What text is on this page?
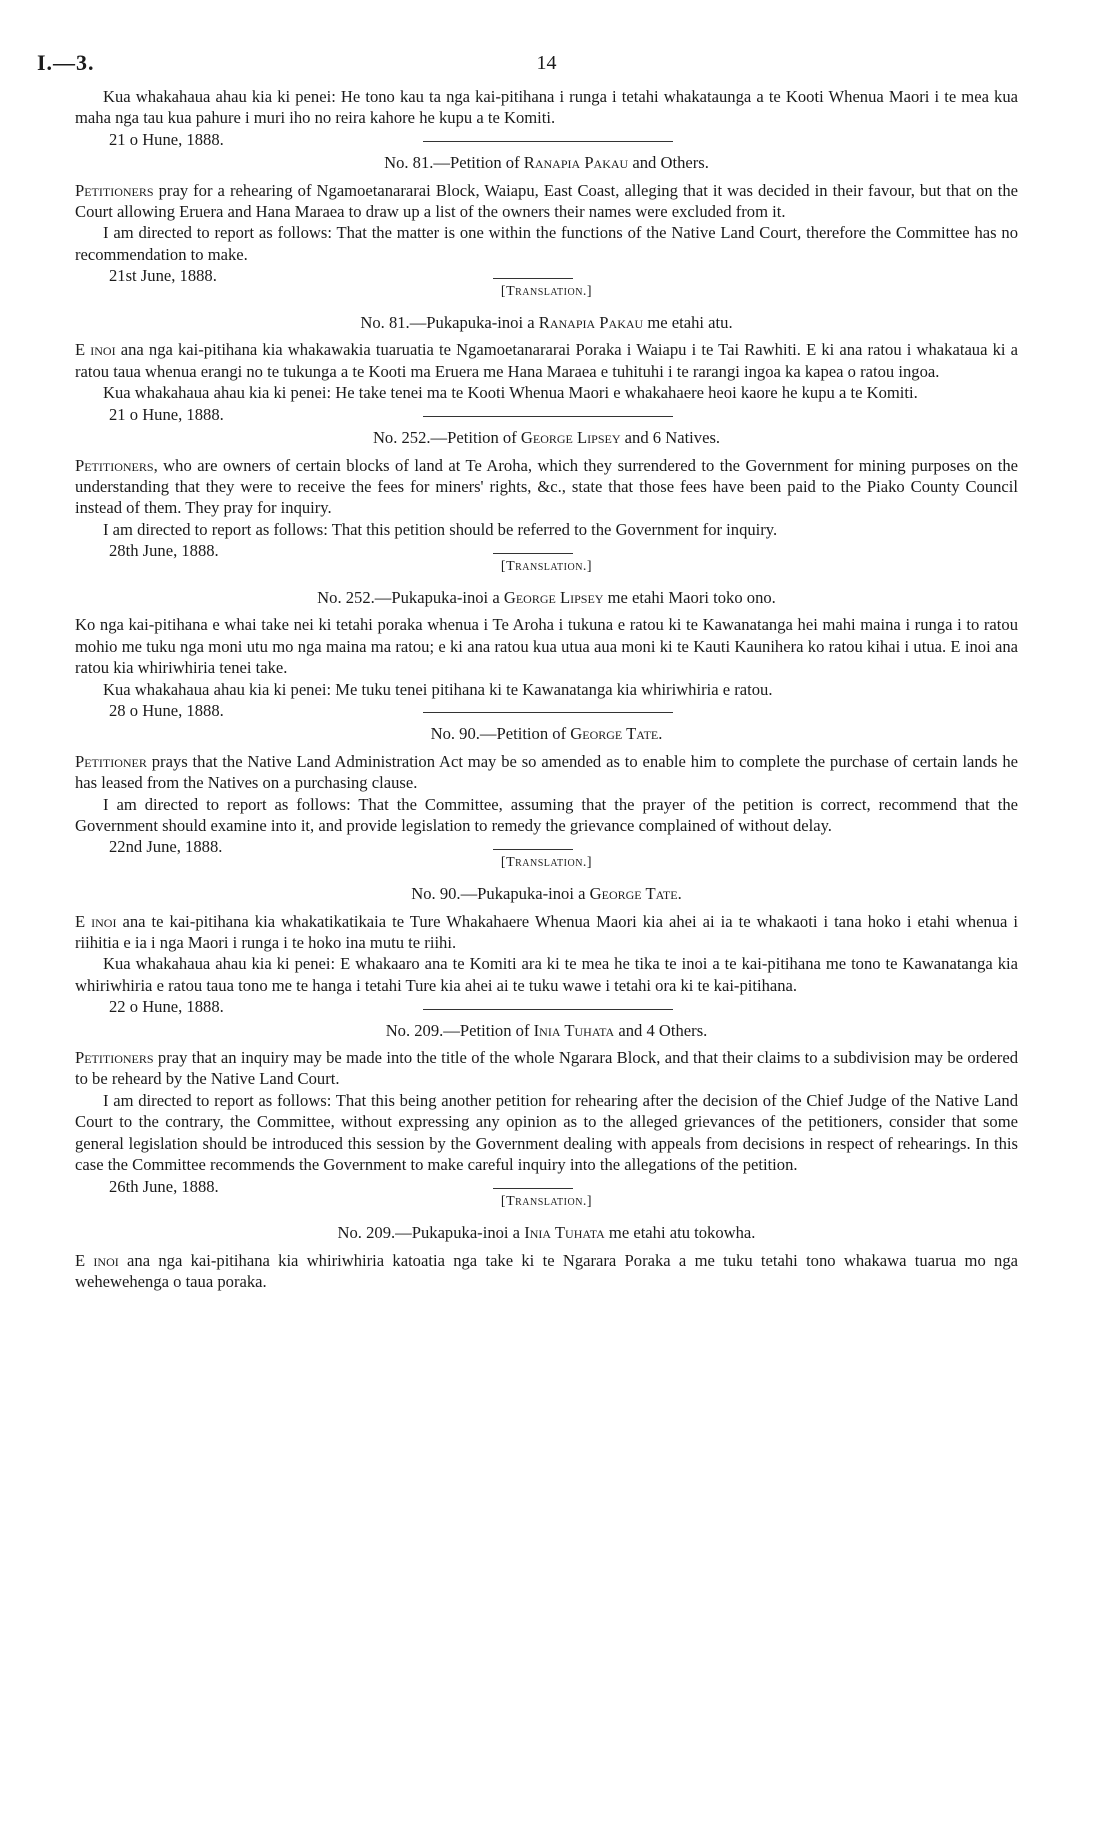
I.—3.	14

Kua whakahaua ahau kia ki penei: He tono kau ta nga kai-pitihana i runga i tetahi whakataunga a te Kooti Whenua Maori i te mea kua maha nga tau kua pahure i muri iho no reira kahore he kupu a te Komiti.

21 o Hune, 1888.

No. 81.—Petition of Ranapia Pakau and Others.

Petitioners pray for a rehearing of Ngamoetanararai Block, Waiapu, East Coast, alleging that it was decided in their favour, but that on the Court allowing Eruera and Hana Maraea to draw up a list of the owners their names were excluded from it.

I am directed to report as follows: That the matter is one within the functions of the Native Land Court, therefore the Committee has no recommendation to make.

21st June, 1888.

[Translation.]
No. 81.—Pukapuka-inoi a Ranapia Pakau me etahi atu.

E inoi ana nga kai-pitihana kia whakawakia tuaruatia te Ngamoetanararai Poraka i Waiapu i te Tai Rawhiti. E ki ana ratou i whakataua ki a ratou taua whenua erangi no te tukunga a te Kooti ma Eruera me Hana Maraea e tuhituhi i te rarangi ingoa ka kapea o ratou ingoa.

Kua whakahaua ahau kia ki penei: He take tenei ma te Kooti Whenua Maori e whakahaere heoi kaore he kupu a te Komiti.

21 o Hune, 1888.

No. 252.—Petition of George Lipsey and 6 Natives.

Petitioners, who are owners of certain blocks of land at Te Aroha, which they surrendered to the Government for mining purposes on the understanding that they were to receive the fees for miners' rights, &c., state that those fees have been paid to the Piako County Council instead of them. They pray for inquiry.

I am directed to report as follows: That this petition should be referred to the Government for inquiry.

28th June, 1888.

[Translation.]
No. 252.—Pukapuka-inoi a George Lipsey me etahi Maori toko ono.

Ko nga kai-pitihana e whai take nei ki tetahi poraka whenua i Te Aroha i tukuna e ratou ki te Kawanatanga hei mahi maina i runga i to ratou mohio me tuku nga moni utu mo nga maina ma ratou; e ki ana ratou kua utua aua moni ki te Kauti Kaunihera ko ratou kihai i utua. E inoi ana ratou kia whiriwhiria tenei take.

Kua whakahaua ahau kia ki penei: Me tuku tenei pitihana ki te Kawanatanga kia whiriwhiria e ratou.

28 o Hune, 1888.

No. 90.—Petition of George Tate.

Petitioner prays that the Native Land Administration Act may be so amended as to enable him to complete the purchase of certain lands he has leased from the Natives on a purchasing clause.

I am directed to report as follows: That the Committee, assuming that the prayer of the petition is correct, recommend that the Government should examine into it, and provide legislation to remedy the grievance complained of without delay.

22nd June, 1888.

[Translation.]
No. 90.—Pukapuka-inoi a George Tate.

E inoi ana te kai-pitihana kia whakatikatikaia te Ture Whakahaere Whenua Maori kia ahei ai ia te whakaoti i tana hoko i etahi whenua i riihitia e ia i nga Maori i runga i te hoko ina mutu te riihi.

Kua whakahaua ahau kia ki penei: E whakaaro ana te Komiti ara ki te mea he tika te inoi a te kai-pitihana me tono te Kawanatanga kia whiriwhiria e ratou taua tono me te hanga i tetahi Ture kia ahei ai te tuku wawe i tetahi ora ki te kai-pitihana.

22 o Hune, 1888.

No. 209.—Petition of Inia Tuhata and 4 Others.

Petitioners pray that an inquiry may be made into the title of the whole Ngarara Block, and that their claims to a subdivision may be ordered to be reheard by the Native Land Court.

I am directed to report as follows: That this being another petition for rehearing after the decision of the Chief Judge of the Native Land Court to the contrary, the Committee, without expressing any opinion as to the alleged grievances of the petitioners, consider that some general legislation should be introduced this session by the Government dealing with appeals from decisions in respect of rehearings. In this case the Committee recommends the Government to make careful inquiry into the allegations of the petition.

26th June, 1888.

[Translation.]
No. 209.—Pukapuka-inoi a Inia Tuhata me etahi atu tokowha.

E inoi ana nga kai-pitihana kia whiriwhiria katoatia nga take ki te Ngarara Poraka a me tuku tetahi tono whakawa tuarua mo nga wehewehenga o taua poraka.
